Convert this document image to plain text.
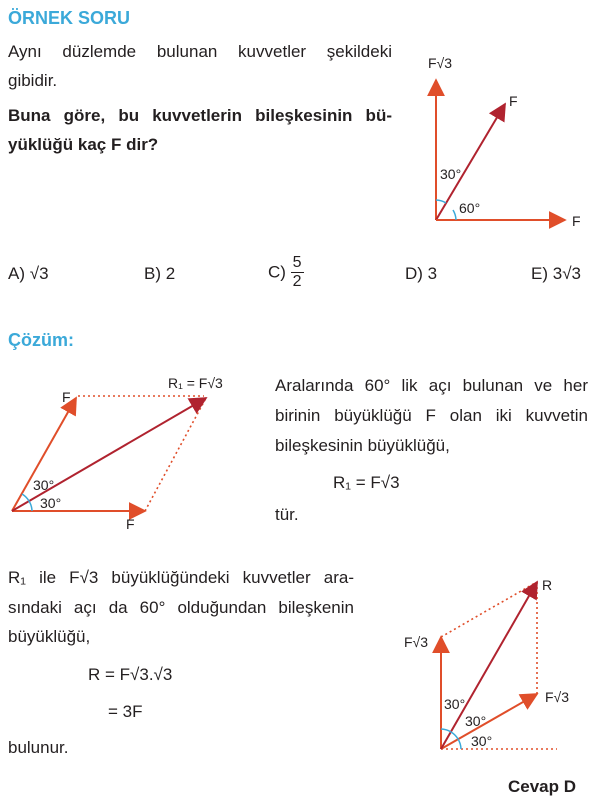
ÖRNEK SORU
Aynı düzlemde bulunan kuvvetler şekildeki
gibidir.
Buna göre, bu kuvvetlerin bileşkesinin bü-
yüklüğü kaç F dir?
F√3
F
F
30°
60°
A) √3	B) 2	$C) \frac{5}{2}$	D) 3	E) 3√3
Çözüm:
F
F
R₁ = F√3
30°
30°
Aralarında 60° lik açı bulunan ve her
birinin büyüklüğü F olan iki kuvvetin
bileşkesinin büyüklüğü,
R₁ = F√3
tür.
R₁ ile F√3 büyüklüğündeki kuvvetler ara-
sındaki açı da 60° olduğundan bileşkenin
büyüklüğü,
R = F√3.√3
= 3F
bulunur.
R
F√3
F√3
30°
30°
30°
Cevap D
